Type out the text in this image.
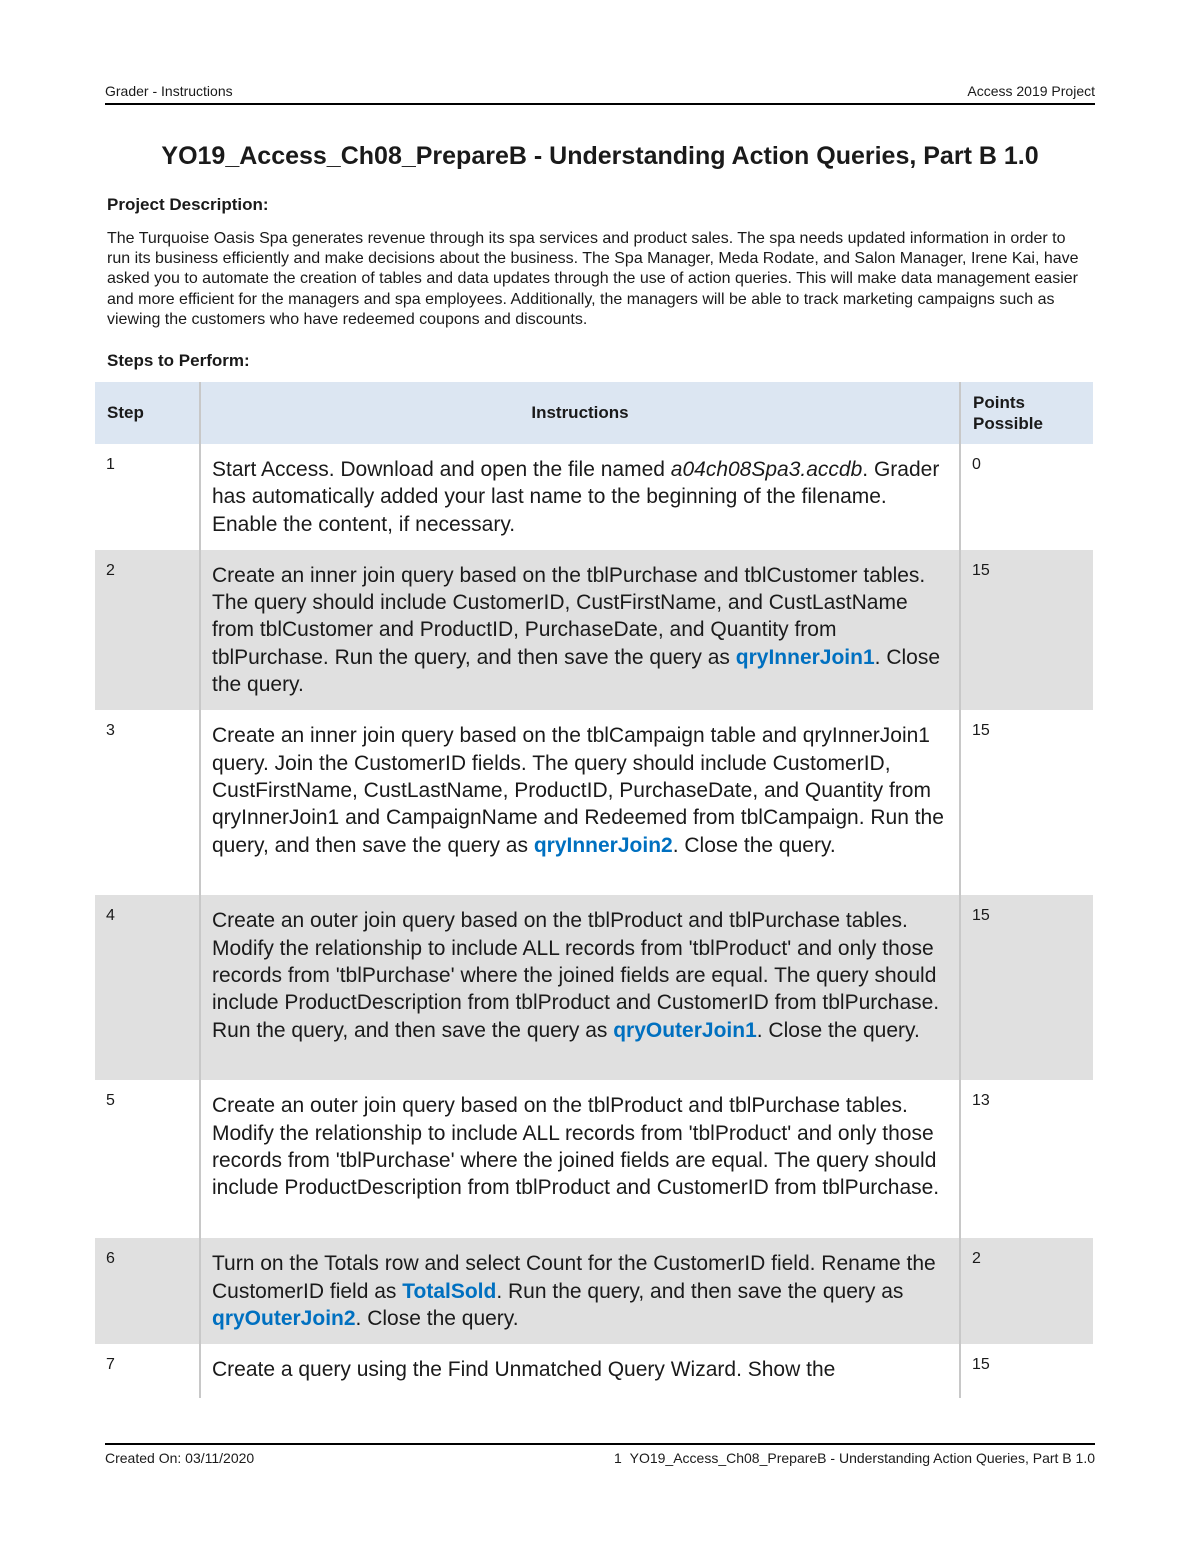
Grader - Instructions	Access 2019 Project
YO19_Access_Ch08_PrepareB - Understanding Action Queries, Part B 1.0
Project Description:
The Turquoise Oasis Spa generates revenue through its spa services and product sales. The spa needs updated information in order to run its business efficiently and make decisions about the business. The Spa Manager, Meda Rodate, and Salon Manager, Irene Kai, have asked you to automate the creation of tables and data updates through the use of action queries. This will make data management easier and more efficient for the managers and spa employees. Additionally, the managers will be able to track marketing campaigns such as viewing the customers who have redeemed coupons and discounts.
Steps to Perform:
Step	Instructions	Points Possible
1	Start Access. Download and open the file named a04ch08Spa3.accdb. Grader has automatically added your last name to the beginning of the filename. Enable the content, if necessary.	0
2	Create an inner join query based on the tblPurchase and tblCustomer tables. The query should include CustomerID, CustFirstName, and CustLastName from tblCustomer and ProductID, PurchaseDate, and Quantity from tblPurchase. Run the query, and then save the query as qryInnerJoin1. Close the query.	15
3	Create an inner join query based on the tblCampaign table and qryInnerJoin1 query. Join the CustomerID fields. The query should include CustomerID, CustFirstName, CustLastName, ProductID, PurchaseDate, and Quantity from qryInnerJoin1 and CampaignName and Redeemed from tblCampaign. Run the query, and then save the query as qryInnerJoin2. Close the query.	15
4	Create an outer join query based on the tblProduct and tblPurchase tables. Modify the relationship to include ALL records from 'tblProduct' and only those records from 'tblPurchase' where the joined fields are equal. The query should include ProductDescription from tblProduct and CustomerID from tblPurchase. Run the query, and then save the query as qryOuterJoin1. Close the query.	15
5	Create an outer join query based on the tblProduct and tblPurchase tables. Modify the relationship to include ALL records from 'tblProduct' and only those records from 'tblPurchase' where the joined fields are equal. The query should include ProductDescription from tblProduct and CustomerID from tblPurchase.	13
6	Turn on the Totals row and select Count for the CustomerID field. Rename the CustomerID field as TotalSold. Run the query, and then save the query as qryOuterJoin2. Close the query.	2
7	Create a query using the Find Unmatched Query Wizard. Show the	15
Created On: 03/11/2020	1 YO19_Access_Ch08_PrepareB - Understanding Action Queries, Part B 1.0
